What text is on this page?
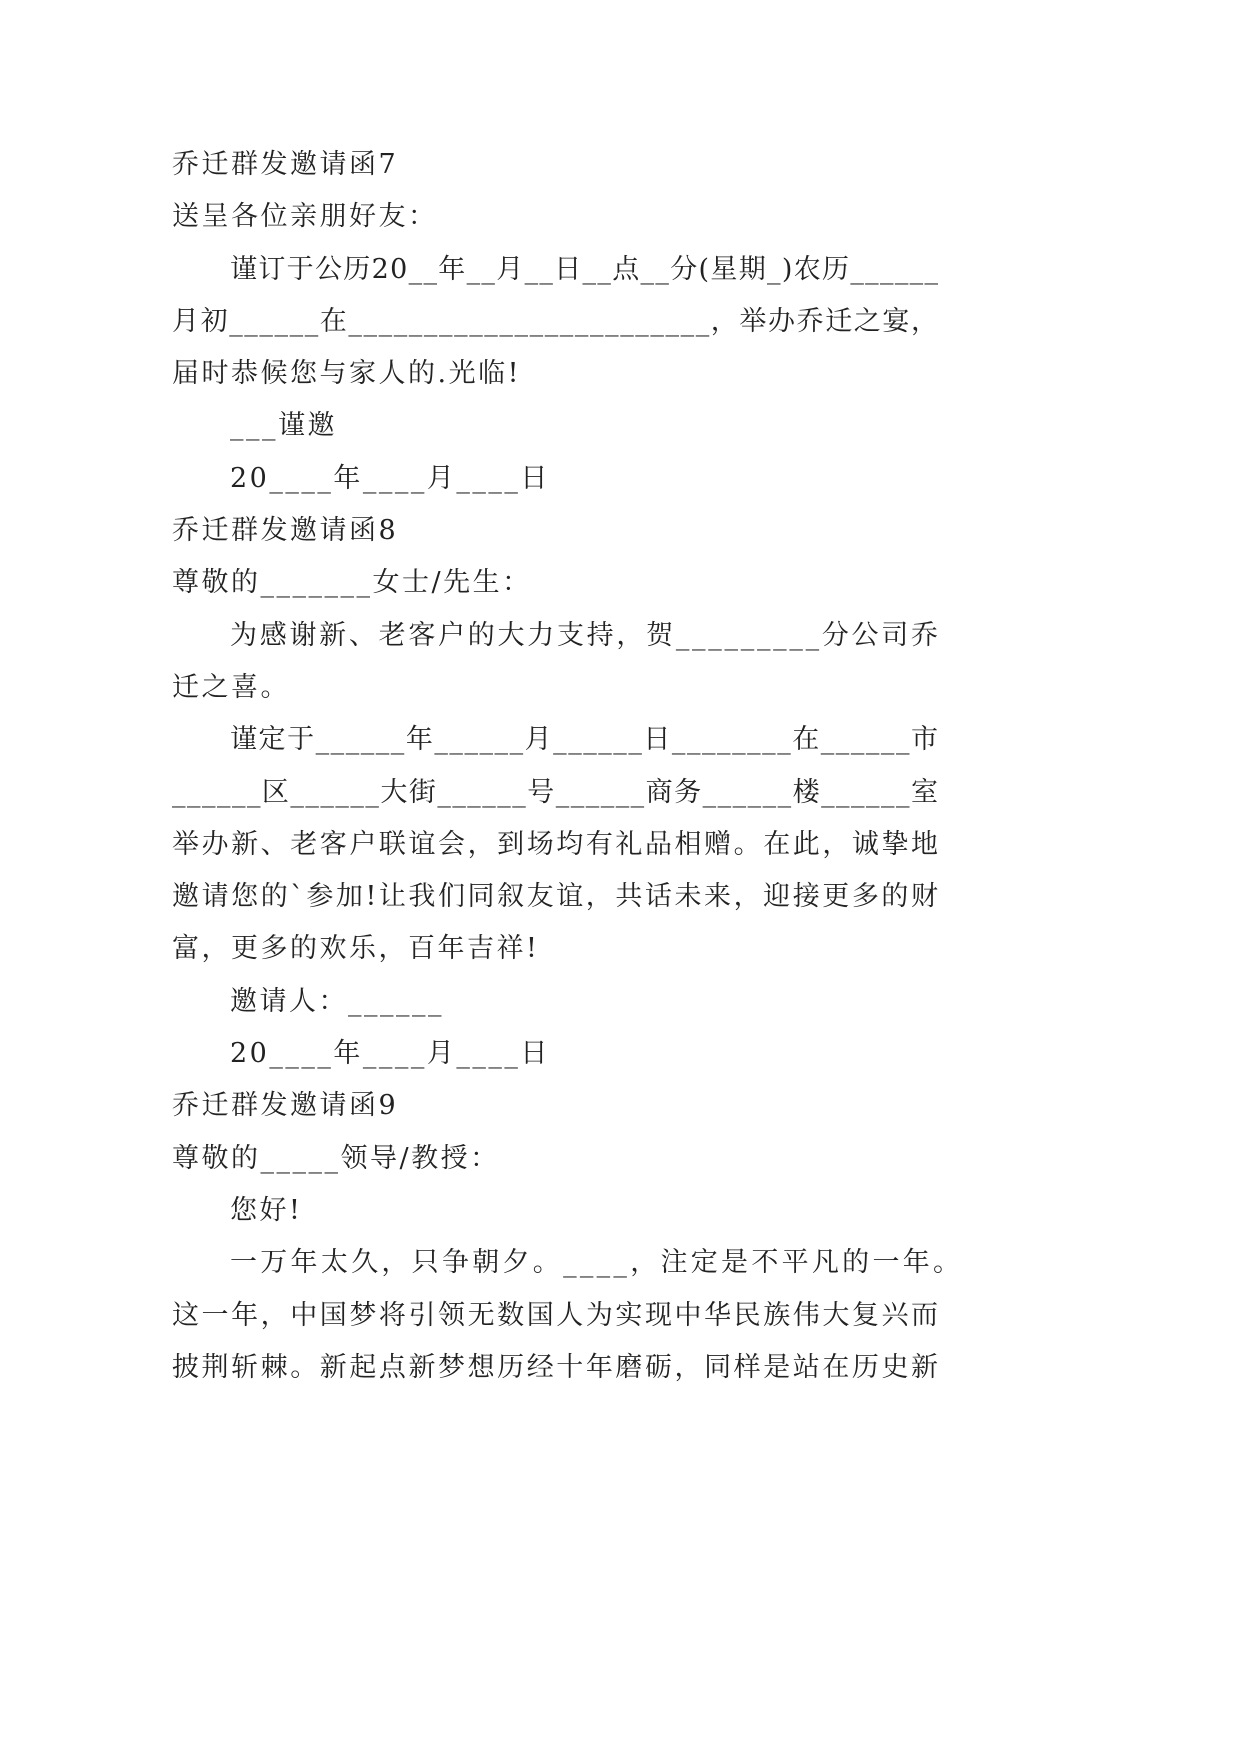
乔迁群发邀请函7
送呈各位亲朋好友：
谨订于公历20__年__月__日__点__分(星期_)农历______
月初______在________________________，举办乔迁之宴，
届时恭候您与家人的.光临!
___谨邀
20____年____月____日
乔迁群发邀请函8
尊敬的_______女士/先生：
为感谢新、老客户的大力支持，贺_________分公司乔
迁之喜。
谨定于______年______月______日________在______市
______区______大街______号______商务______楼______室
举办新、老客户联谊会，到场均有礼品相赠。在此，诚挚地
邀请您的`参加!让我们同叙友谊，共话未来，迎接更多的财
富，更多的欢乐，百年吉祥!
邀请人：______
20____年____月____日
乔迁群发邀请函9
尊敬的_____领导/教授：
您好!
一万年太久，只争朝夕。____，注定是不平凡的一年。
这一年，中国梦将引领无数国人为实现中华民族伟大复兴而
披荆斩棘。新起点新梦想历经十年磨砺，同样是站在历史新
